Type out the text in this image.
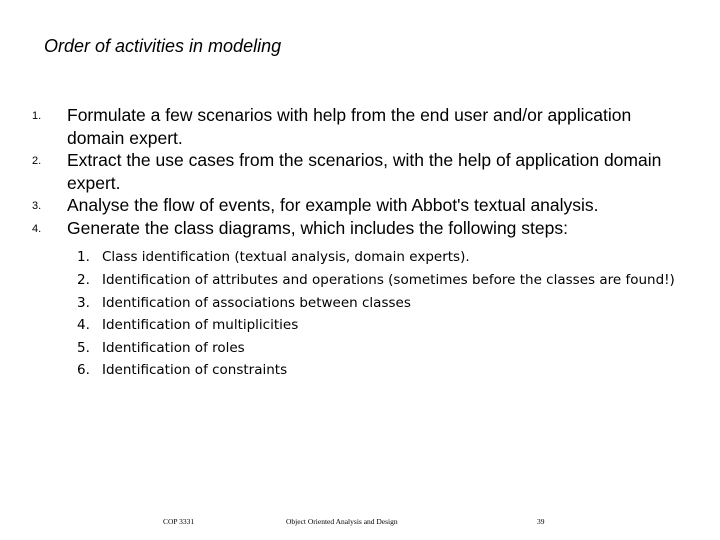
Order of activities in modeling
1. Formulate a few scenarios with help from the end user and/or application domain expert.
2. Extract the use cases from the scenarios, with the help of application domain expert.
3. Analyse the flow of events, for example with Abbot's textual analysis.
4. Generate the class diagrams, which includes the following steps:
1. Class identification (textual analysis, domain experts).
2. Identification of attributes and operations (sometimes before the classes are found!)
3. Identification of associations between classes
4. Identification of multiplicities
5. Identification of roles
6. Identification of constraints
COP 3331	Object Oriented Analysis and Design	39
